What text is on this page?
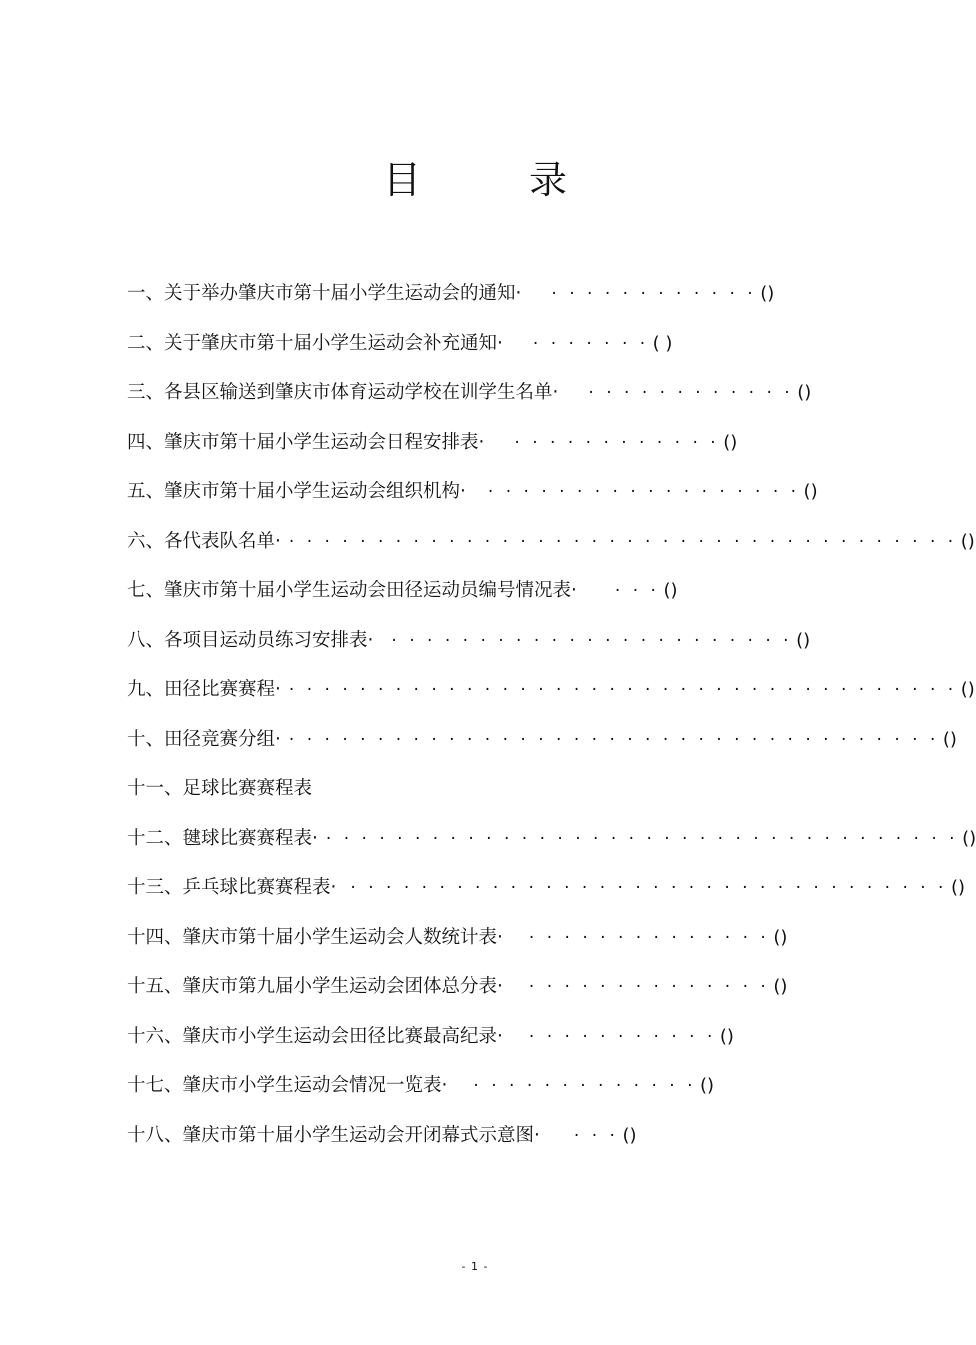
目 录
一、关于举办肇庆市第十届小学生运动会的通知· · · · · · · · · · · · · ()
二、关于肇庆市第十届小学生运动会补充通知· · · · · · · · ( )
三、各县区输送到肇庆市体育运动学校在训学生名单· · · · · · · · · · · · · ()
四、肇庆市第十届小学生运动会日程安排表· · · · · · · · · · · · · ()
五、肇庆市第十届小学生运动会组织机构· · · · · · · · · · · · · · · · · · · ()
六、各代表队名单· · · · · · · · · · · · · · · · · · · · · · · · · · · · · · · · · · · · · · · ()
七、肇庆市第十届小学生运动会田径运动员编号情况表· · · · ()
八、各项目运动员练习安排表· · · · · · · · · · · · · · · · · · · · · · · · ()
九、田径比赛赛程· · · · · · · · · · · · · · · · · · · · · · · · · · · · · · · · · · · · · · · ()
十、田径竞赛分组· · · · · · · · · · · · · · · · · · · · · · · · · · · · · · · · · · · · · · ()
十一、足球比赛赛程表
十二、毽球比赛赛程表· · · · · · · · · · · · · · · · · · · · · · · · · · · · · · · · · · · · · ()
十三、乒乓球比赛赛程表· · · · · · · · · · · · · · · · · · · · · · · · · · · · · · · · · · · ()
十四、肇庆市第十届小学生运动会人数统计表· · · · · · · · · · · · · · · ()
十五、肇庆市第九届小学生运动会团体总分表· · · · · · · · · · · · · · · ()
十六、肇庆市小学生运动会田径比赛最高纪录· · · · · · · · · · · · ()
十七、肇庆市小学生运动会情况一览表· · · · · · · · · · · · · · ()
十八、肇庆市第十届小学生运动会开闭幕式示意图· · · · ()
- 1 -
